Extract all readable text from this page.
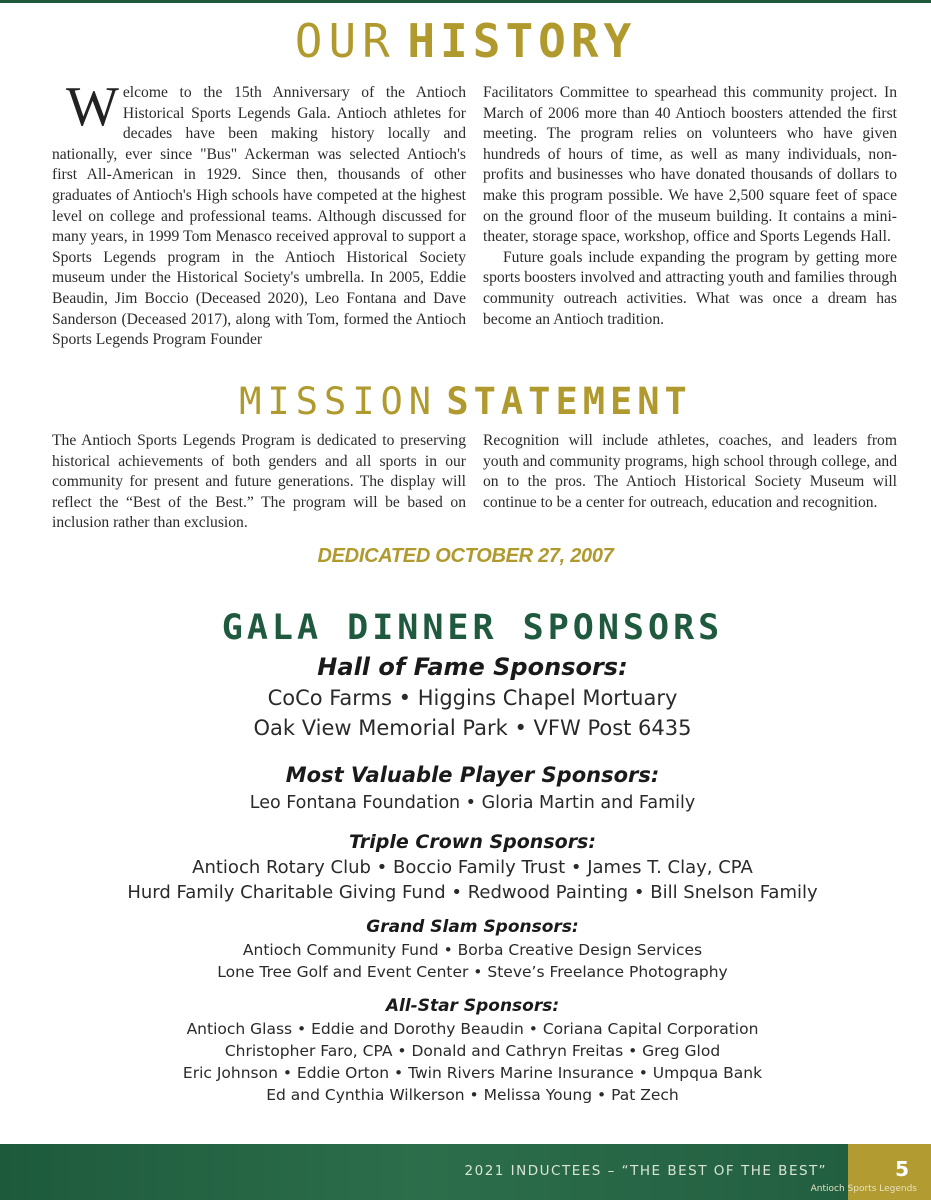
OUR HISTORY
W elcome to the 15th Anniversary of the Antioch Historical Sports Legends Gala. Antioch athletes for decades have been making history locally and nationally, ever since "Bus" Ackerman was selected Antioch's first All-American in 1929. Since then, thousands of other graduates of Antioch's High schools have competed at the highest level on college and professional teams. Although discussed for many years, in 1999 Tom Menasco received approval to support a Sports Legends program in the Antioch Historical Society museum under the Historical Society's umbrella. In 2005, Eddie Beaudin, Jim Boccio (Deceased 2020), Leo Fontana and Dave Sanderson (Deceased 2017), along with Tom, formed the Antioch Sports Legends Program Founder

Facilitators Committee to spearhead this community project. In March of 2006 more than 40 Antioch boosters attended the first meeting. The program relies on volunteers who have given hundreds of hours of time, as well as many individuals, non-profits and businesses who have donated thousands of dollars to make this program possible. We have 2,500 square feet of space on the ground floor of the museum building. It contains a mini-theater, storage space, workshop, office and Sports Legends Hall.

Future goals include expanding the program by getting more sports boosters involved and attracting youth and families through community outreach activities. What was once a dream has become an Antioch tradition.

MISSION STATEMENT

The Antioch Sports Legends Program is dedicated to preserving historical achievements of both genders and all sports in our community for present and future generations. The display will reflect the “Best of the Best.” The program will be based on inclusion rather than exclusion.

Recognition will include athletes, coaches, and leaders from youth and community programs, high school through college, and on to the pros. The Antioch Historical Society Museum will continue to be a center for outreach, education and recognition.

DEDICATED OCTOBER 27, 2007
GALA DINNER SPONSORS
Hall of Fame Sponsors:
CoCo Farms • Higgins Chapel Mortuary
Oak View Memorial Park • VFW Post 6435
Most Valuable Player Sponsors:
Leo Fontana Foundation • Gloria Martin and Family
Triple Crown Sponsors:
Antioch Rotary Club • Boccio Family Trust • James T. Clay, CPA
Hurd Family Charitable Giving Fund • Redwood Painting • Bill Snelson Family
Grand Slam Sponsors:
Antioch Community Fund • Borba Creative Design Services
Lone Tree Golf and Event Center • Steve’s Freelance Photography
All-Star Sponsors:
Antioch Glass • Eddie and Dorothy Beaudin • Coriana Capital Corporation
Christopher Faro, CPA • Donald and Cathryn Freitas • Greg Glod
Eric Johnson • Eddie Orton • Twin Rivers Marine Insurance • Umpqua Bank
Ed and Cynthia Wilkerson • Melissa Young • Pat Zech
2021 INDUCTEES – “THE BEST OF THE BEST”	5
Antioch Sports Legends
